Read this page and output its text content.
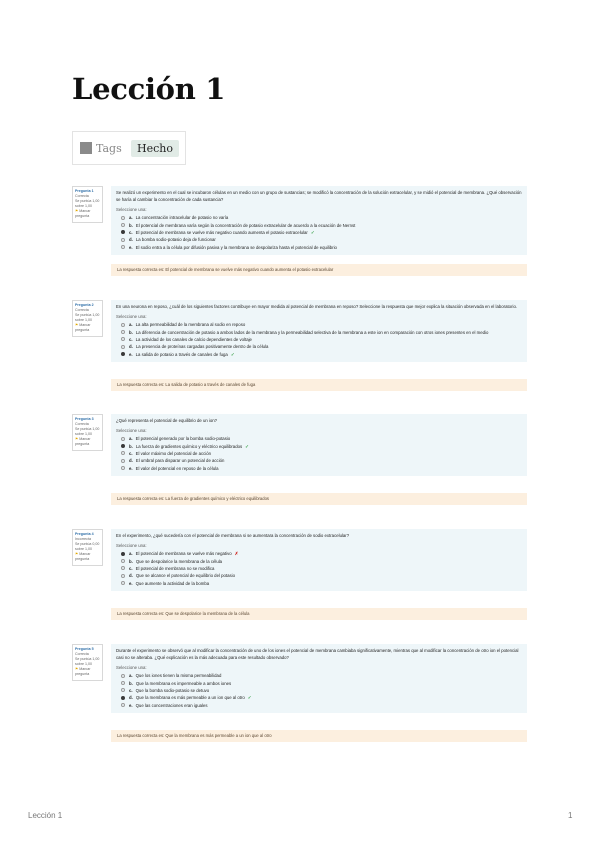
Lección 1
Tags	Hecho
Pregunta 1
Correcta
Se puntúa 1,00 sobre 1,00
⚑ Marcar pregunta
Se realizó un experimento en el cual se incubaron células en un medio con un grupo de sustancias; se modificó la concentración de la solución extracelular, y se midió el potencial de membrana. ¿Qué observación se haría al cambiar la concentración de cada sustancia?
Seleccione una:
a. La concentración intracelular de potasio no varía
b. El potencial de membrana varía según la concentración de potasio extracelular de acuerdo a la ecuación de Nernst
c. El potencial de membrana se vuelve más negativo cuando aumenta el potasio extracelular ✓
d. La bomba sodio-potasio deja de funcionar
e. El sodio entra a la célula por difusión pasiva y la membrana se despolariza hasta el potencial de equilibrio
La respuesta correcta es: El potencial de membrana se vuelve más negativo cuando aumenta el potasio extracelular
Pregunta 2
Correcta
Se puntúa 1,00 sobre 1,00
⚑ Marcar pregunta
En una neurona en reposo, ¿cuál de los siguientes factores contribuye en mayor medida al potencial de membrana en reposo? Seleccione la respuesta que mejor explica la situación observada en el laboratorio.
Seleccione una:
a. La alta permeabilidad de la membrana al sodio en reposo
b. La diferencia de concentración de potasio a ambos lados de la membrana y la permeabilidad selectiva de la membrana a este ion en comparación con otros iones presentes en el medio
c. La actividad de los canales de calcio dependientes de voltaje
d. La presencia de proteínas cargadas positivamente dentro de la célula
e. La salida de potasio a través de canales de fuga ✓
La respuesta correcta es: La salida de potasio a través de canales de fuga
Pregunta 3
Correcta
Se puntúa 1,00 sobre 1,00
⚑ Marcar pregunta
¿Qué representa el potencial de equilibrio de un ion?
Seleccione una:
a. El potencial generado por la bomba sodio-potasio
b. La fuerza de gradientes químico y eléctrico equilibrados ✓
c. El valor máximo del potencial de acción
d. El umbral para disparar un potencial de acción
e. El valor del potencial en reposo de la célula
La respuesta correcta es: La fuerza de gradientes químico y eléctrico equilibrados
Pregunta 4
Incorrecta
Se puntúa 0,00 sobre 1,00
⚑ Marcar pregunta
En el experimento, ¿qué sucedería con el potencial de membrana si se aumentara la concentración de sodio extracelular?
Seleccione una:
a. El potencial de membrana se vuelve más negativo ✗
b. Que se despolarice la membrana de la célula
c. El potencial de membrana no se modifica
d. Que se alcance el potencial de equilibrio del potasio
e. Que aumente la actividad de la bomba
La respuesta correcta es: Que se despolarice la membrana de la célula
Pregunta 5
Correcta
Se puntúa 1,00 sobre 1,00
⚑ Marcar pregunta
Durante el experimento se observó que al modificar la concentración de uno de los iones el potencial de membrana cambiaba significativamente, mientras que al modificar la concentración de otro ion el potencial casi no se alteraba. ¿Qué explicación es la más adecuada para este resultado observado?
Seleccione una:
a. Que los iones tienen la misma permeabilidad
b. Que la membrana es impermeable a ambos iones
c. Que la bomba sodio-potasio se detuvo
d. Que la membrana es más permeable a un ion que al otro ✓
e. Que las concentraciones eran iguales
La respuesta correcta es: Que la membrana es más permeable a un ion que al otro
Lección 1	1
